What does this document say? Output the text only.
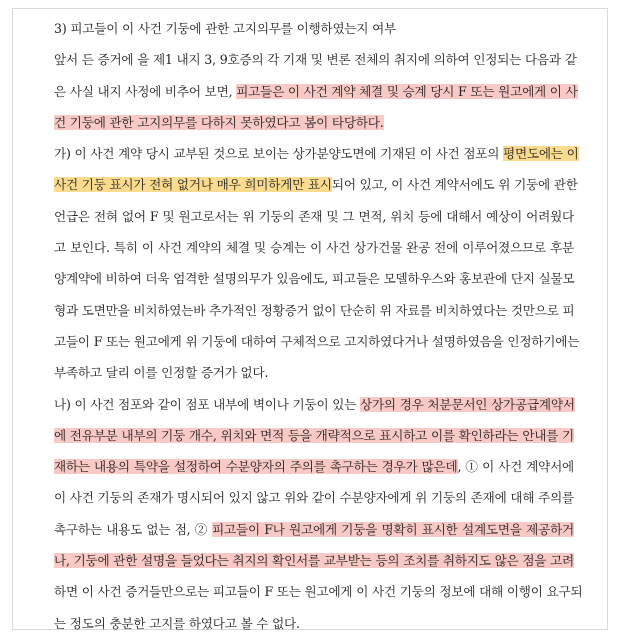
3) 피고들이 이 사건 기둥에 관한 고지의무를 이행하였는지 여부
앞서 든 증거에 을 제1 내지 3, 9호증의 각 기재 및 변론 전체의 취지에 의하여 인정되는 다음과 같
은 사실 내지 사정에 비추어 보면, 피고들은 이 사건 계약 체결 및 승계 당시 F 또는 원고에게 이 사
건 기둥에 관한 고지의무를 다하지 못하였다고 봄이 타당하다.
가) 이 사건 계약 당시 교부된 것으로 보이는 상가분양도면에 기재된 이 사건 점포의 평면도에는 이
사건 기둥 표시가 전혀 없거나 매우 희미하게만 표시되어 있고, 이 사건 계약서에도 위 기둥에 관한
언급은 전혀 없어 F 및 원고로서는 위 기둥의 존재 및 그 면적, 위치 등에 대해서 예상이 어려웠다
고 보인다. 특히 이 사건 계약의 체결 및 승계는 이 사건 상가건물 완공 전에 이루어졌으므로 후분
양계약에 비하여 더욱 엄격한 설명의무가 있음에도, 피고들은 모델하우스와 홍보관에 단지 실물모
형과 도면만을 비치하였는바 추가적인 정황증거 없이 단순히 위 자료를 비치하였다는 것만으로 피
고들이 F 또는 원고에게 위 기둥에 대하여 구체적으로 고지하였다거나 설명하였음을 인정하기에는
부족하고 달리 이를 인정할 증거가 없다.
나) 이 사건 점포와 같이 점포 내부에 벽이나 기둥이 있는 상가의 경우 처분문서인 상가공급계약서
에 전유부분 내부의 기둥 개수, 위치와 면적 등을 개략적으로 표시하고 이를 확인하라는 안내를 기
재하는 내용의 특약을 설정하여 수분양자의 주의를 촉구하는 경우가 많은데, ① 이 사건 계약서에
이 사건 기둥의 존재가 명시되어 있지 않고 위와 같이 수분양자에게 위 기둥의 존재에 대해 주의를
촉구하는 내용도 없는 점, ② 피고들이 F나 원고에게 기둥을 명확히 표시한 설계도면을 제공하거
나, 기둥에 관한 설명을 들었다는 취지의 확인서를 교부받는 등의 조치를 취하지도 않은 점을 고려
하면 이 사건 증거들만으로는 피고들이 F 또는 원고에게 이 사건 기둥의 정보에 대해 이행이 요구되
는 정도의 충분한 고지를 하였다고 볼 수 없다.
